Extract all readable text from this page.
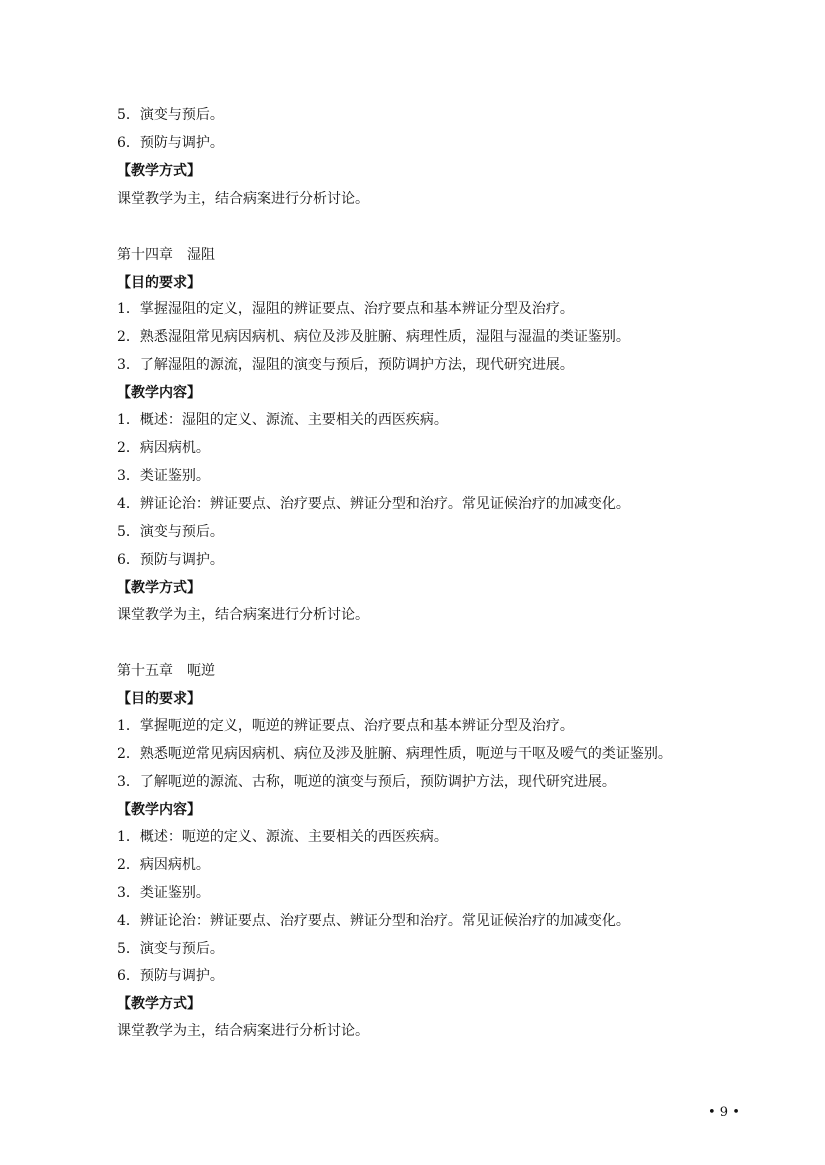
5．演变与预后。
6．预防与调护。
【教学方式】
课堂教学为主，结合病案进行分析讨论。
第十四章　湿阻
【目的要求】
1．掌握湿阻的定义，湿阻的辨证要点、治疗要点和基本辨证分型及治疗。
2．熟悉湿阻常见病因病机、病位及涉及脏腑、病理性质，湿阻与湿温的类证鉴别。
3．了解湿阻的源流，湿阻的演变与预后，预防调护方法，现代研究进展。
【教学内容】
1．概述：湿阻的定义、源流、主要相关的西医疾病。
2．病因病机。
3．类证鉴别。
4．辨证论治：辨证要点、治疗要点、辨证分型和治疗。常见证候治疗的加减变化。
5．演变与预后。
6．预防与调护。
【教学方式】
课堂教学为主，结合病案进行分析讨论。
第十五章　呃逆
【目的要求】
1．掌握呃逆的定义，呃逆的辨证要点、治疗要点和基本辨证分型及治疗。
2．熟悉呃逆常见病因病机、病位及涉及脏腑、病理性质，呃逆与干呕及嗳气的类证鉴别。
3．了解呃逆的源流、古称，呃逆的演变与预后，预防调护方法，现代研究进展。
【教学内容】
1．概述：呃逆的定义、源流、主要相关的西医疾病。
2．病因病机。
3．类证鉴别。
4．辨证论治：辨证要点、治疗要点、辨证分型和治疗。常见证候治疗的加减变化。
5．演变与预后。
6．预防与调护。
【教学方式】
课堂教学为主，结合病案进行分析讨论。
• 9 •
